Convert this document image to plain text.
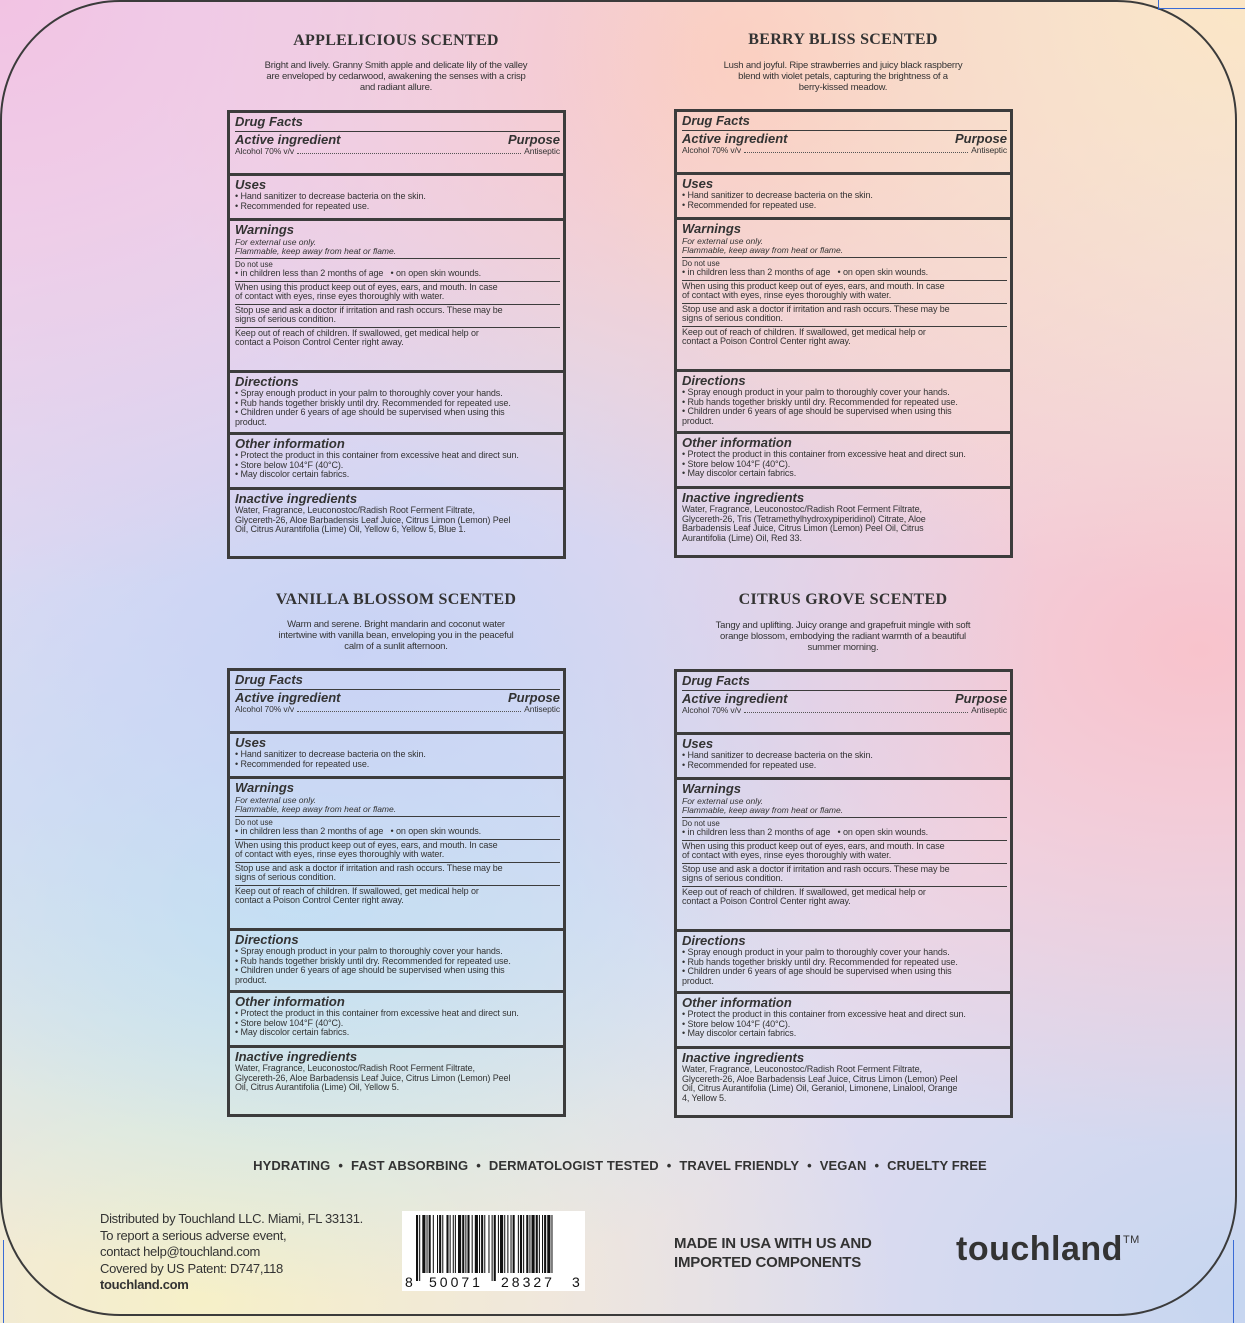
APPLELICIOUS SCENTED
Bright and lively. Granny Smith apple and delicate lily of the valley
are enveloped by cedarwood, awakening the senses with a crisp
and radiant allure.
Drug Facts
Active ingredient	Purpose
Alcohol 70% v/v	Antiseptic
Uses
• Hand sanitizer to decrease bacteria on the skin.
• Recommended for repeated use.
Warnings
For external use only.
Flammable, keep away from heat or flame.
Do not use
• in children less than 2 months of age • on open skin wounds.
When using this product keep out of eyes, ears, and mouth. In case
of contact with eyes, rinse eyes thoroughly with water.
Stop use and ask a doctor if irritation and rash occurs. These may be
signs of serious condition.
Keep out of reach of children. If swallowed, get medical help or
contact a Poison Control Center right away.
Directions
• Spray enough product in your palm to thoroughly cover your hands.
• Rub hands together briskly until dry. Recommended for repeated use.
• Children under 6 years of age should be supervised when using this
product.
Other information
• Protect the product in this container from excessive heat and direct sun.
• Store below 104°F (40°C).
• May discolor certain fabrics.
Inactive ingredients
Water, Fragrance, Leuconostoc/Radish Root Ferment Filtrate,
Glycereth-26, Aloe Barbadensis Leaf Juice, Citrus Limon (Lemon) Peel
Oil, Citrus Aurantifolia (Lime) Oil, Yellow 6, Yellow 5, Blue 1.
BERRY BLISS SCENTED
Lush and joyful. Ripe strawberries and juicy black raspberry
blend with violet petals, capturing the brightness of a
berry-kissed meadow.
Drug Facts
Active ingredient	Purpose
Alcohol 70% v/v	Antiseptic
Uses
• Hand sanitizer to decrease bacteria on the skin.
• Recommended for repeated use.
Warnings
For external use only.
Flammable, keep away from heat or flame.
Do not use
• in children less than 2 months of age • on open skin wounds.
When using this product keep out of eyes, ears, and mouth. In case
of contact with eyes, rinse eyes thoroughly with water.
Stop use and ask a doctor if irritation and rash occurs. These may be
signs of serious condition.
Keep out of reach of children. If swallowed, get medical help or
contact a Poison Control Center right away.
Directions
• Spray enough product in your palm to thoroughly cover your hands.
• Rub hands together briskly until dry. Recommended for repeated use.
• Children under 6 years of age should be supervised when using this
product.
Other information
• Protect the product in this container from excessive heat and direct sun.
• Store below 104°F (40°C).
• May discolor certain fabrics.
Inactive ingredients
Water, Fragrance, Leuconostoc/Radish Root Ferment Filtrate,
Glycereth-26, Tris (Tetramethylhydroxypiperidinol) Citrate, Aloe
Barbadensis Leaf Juice, Citrus Limon (Lemon) Peel Oil, Citrus
Aurantifolia (Lime) Oil, Red 33.
VANILLA BLOSSOM SCENTED
Warm and serene. Bright mandarin and coconut water
intertwine with vanilla bean, enveloping you in the peaceful
calm of a sunlit afternoon.
Drug Facts
Active ingredient	Purpose
Alcohol 70% v/v	Antiseptic
Uses
• Hand sanitizer to decrease bacteria on the skin.
• Recommended for repeated use.
Warnings
For external use only.
Flammable, keep away from heat or flame.
Do not use
• in children less than 2 months of age • on open skin wounds.
When using this product keep out of eyes, ears, and mouth. In case
of contact with eyes, rinse eyes thoroughly with water.
Stop use and ask a doctor if irritation and rash occurs. These may be
signs of serious condition.
Keep out of reach of children. If swallowed, get medical help or
contact a Poison Control Center right away.
Directions
• Spray enough product in your palm to thoroughly cover your hands.
• Rub hands together briskly until dry. Recommended for repeated use.
• Children under 6 years of age should be supervised when using this
product.
Other information
• Protect the product in this container from excessive heat and direct sun.
• Store below 104°F (40°C).
• May discolor certain fabrics.
Inactive ingredients
Water, Fragrance, Leuconostoc/Radish Root Ferment Filtrate,
Glycereth-26, Aloe Barbadensis Leaf Juice, Citrus Limon (Lemon) Peel
Oil, Citrus Aurantifolia (Lime) Oil, Yellow 5.
CITRUS GROVE SCENTED
Tangy and uplifting. Juicy orange and grapefruit mingle with soft
orange blossom, embodying the radiant warmth of a beautiful
summer morning.
Drug Facts
Active ingredient	Purpose
Alcohol 70% v/v	Antiseptic
Uses
• Hand sanitizer to decrease bacteria on the skin.
• Recommended for repeated use.
Warnings
For external use only.
Flammable, keep away from heat or flame.
Do not use
• in children less than 2 months of age • on open skin wounds.
When using this product keep out of eyes, ears, and mouth. In case
of contact with eyes, rinse eyes thoroughly with water.
Stop use and ask a doctor if irritation and rash occurs. These may be
signs of serious condition.
Keep out of reach of children. If swallowed, get medical help or
contact a Poison Control Center right away.
Directions
• Spray enough product in your palm to thoroughly cover your hands.
• Rub hands together briskly until dry. Recommended for repeated use.
• Children under 6 years of age should be supervised when using this
product.
Other information
• Protect the product in this container from excessive heat and direct sun.
• Store below 104°F (40°C).
• May discolor certain fabrics.
Inactive ingredients
Water, Fragrance, Leuconostoc/Radish Root Ferment Filtrate,
Glycereth-26, Aloe Barbadensis Leaf Juice, Citrus Limon (Lemon) Peel
Oil, Citrus Aurantifolia (Lime) Oil, Geraniol, Limonene, Linalool, Orange
4, Yellow 5.
HYDRATING • FAST ABSORBING • DERMATOLOGIST TESTED • TRAVEL FRIENDLY • VEGAN • CRUELTY FREE
Distributed by Touchland LLC. Miami, FL 33131.
To report a serious adverse event,
contact help@touchland.com
Covered by US Patent: D747,118
touchland.com	8 50071 28327 3
MADE IN USA WITH US AND
IMPORTED COMPONENTS	touchland™
